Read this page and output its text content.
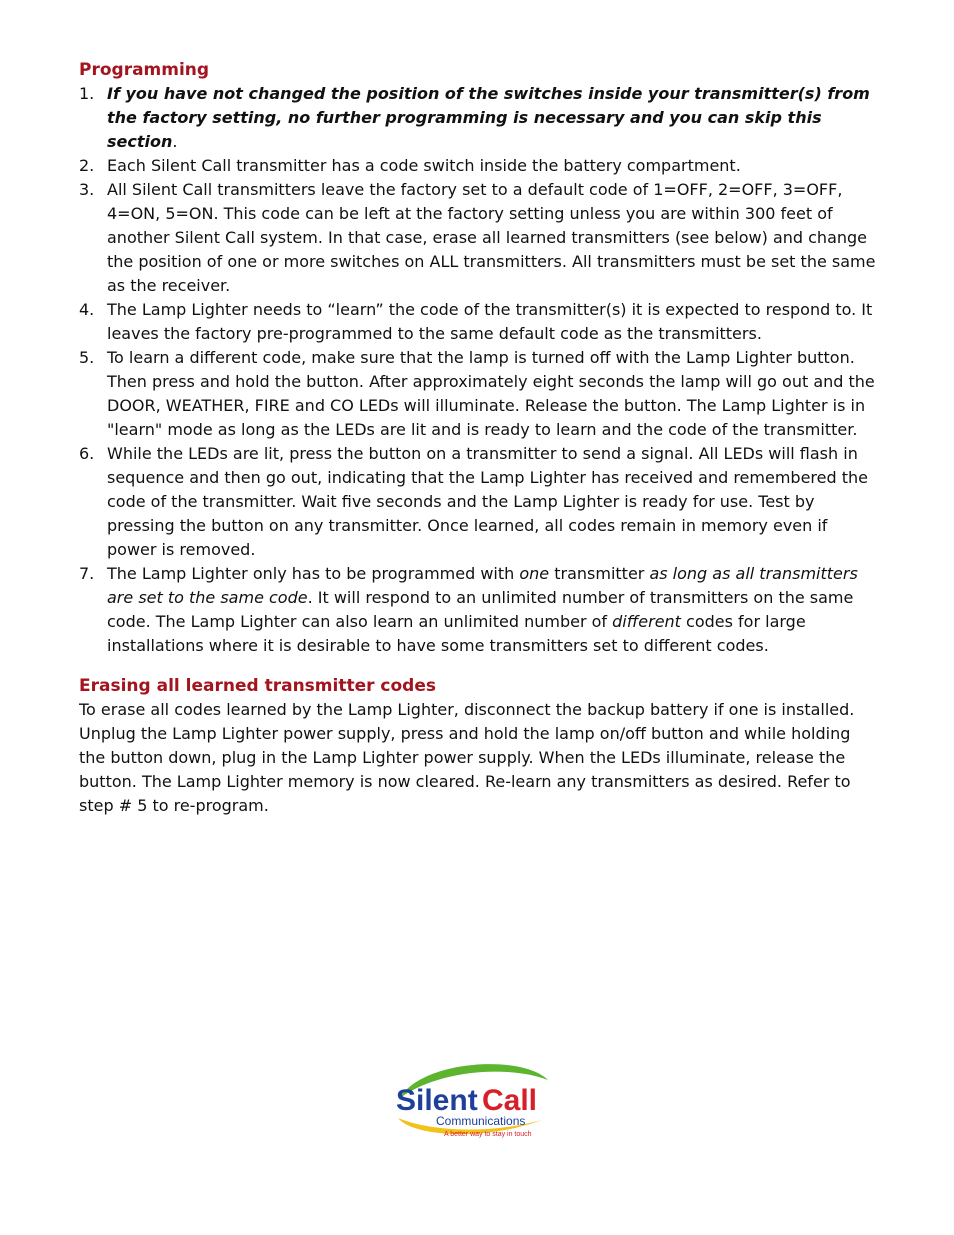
Programming
1. If you have not changed the position of the switches inside your transmitter(s) from the factory setting, no further programming is necessary and you can skip this section.
2. Each Silent Call transmitter has a code switch inside the battery compartment.
3. All Silent Call transmitters leave the factory set to a default code of 1=OFF, 2=OFF, 3=OFF, 4=ON, 5=ON. This code can be left at the factory setting unless you are within 300 feet of another Silent Call system. In that case, erase all learned transmitters (see below) and change the position of one or more switches on ALL transmitters. All transmitters must be set the same as the receiver.
4. The Lamp Lighter needs to “learn” the code of the transmitter(s) it is expected to respond to. It leaves the factory pre-programmed to the same default code as the transmitters.
5. To learn a different code, make sure that the lamp is turned off with the Lamp Lighter button. Then press and hold the button. After approximately eight seconds the lamp will go out and the DOOR, WEATHER, FIRE and CO LEDs will illuminate. Release the button. The Lamp Lighter is in "learn" mode as long as the LEDs are lit and is ready to learn and the code of the transmitter.
6. While the LEDs are lit, press the button on a transmitter to send a signal. All LEDs will flash in sequence and then go out, indicating that the Lamp Lighter has received and remembered the code of the transmitter. Wait five seconds and the Lamp Lighter is ready for use. Test by pressing the button on any transmitter. Once learned, all codes remain in memory even if power is removed.
7. The Lamp Lighter only has to be programmed with one transmitter as long as all transmitters are set to the same code. It will respond to an unlimited number of transmitters on the same code. The Lamp Lighter can also learn an unlimited number of different codes for large installations where it is desirable to have some transmitters set to different codes.
Erasing all learned transmitter codes

To erase all codes learned by the Lamp Lighter, disconnect the backup battery if one is installed. Unplug the Lamp Lighter power supply, press and hold the lamp on/off button and while holding the button down, plug in the Lamp Lighter power supply. When the LEDs illuminate, release the button. The Lamp Lighter memory is now cleared. Re-learn any transmitters as desired. Refer to step # 5 to re-program.

Silent Call
Communications
A better way to stay in touch
